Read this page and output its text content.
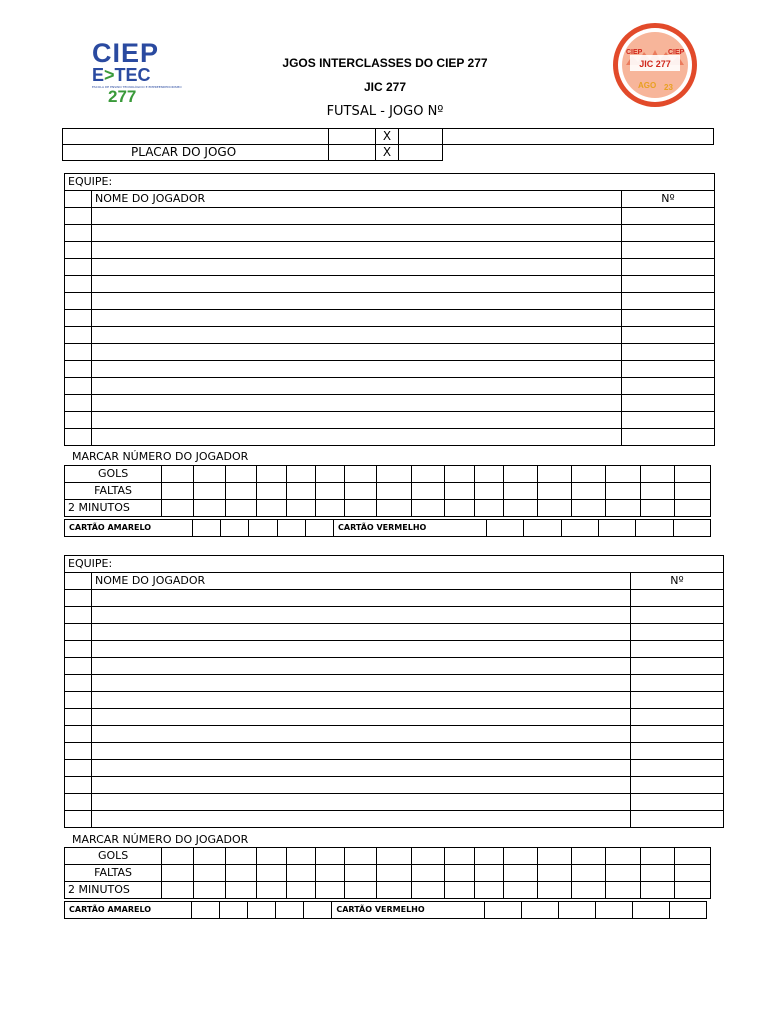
CIEP
E>TEC
ESCOLA DE ENSINO TECNOLÓGICO E EMPREENDEDORISMO
277
JGOS INTERCLASSES DO CIEP 277
JIC 277
FUTSAL - JOGO Nº
CIEP	CIEP
JIC 277
AGO 23
		X		
PLACAR DO JOGO		X		
EQUIPE:		
	NOME DO JOGADOR	Nº

MARCAR NÚMERO DO JOGADOR
GOLS																	
FALTAS																	
2 MINUTOS																	
CARTÃO AMARELO						CARTÃO VERMELHO						
EQUIPE:		
	NOME DO JOGADOR	Nº

MARCAR NÚMERO DO JOGADOR
GOLS																	
FALTAS																	
2 MINUTOS																	
CARTÃO AMARELO						CARTÃO VERMELHO						
